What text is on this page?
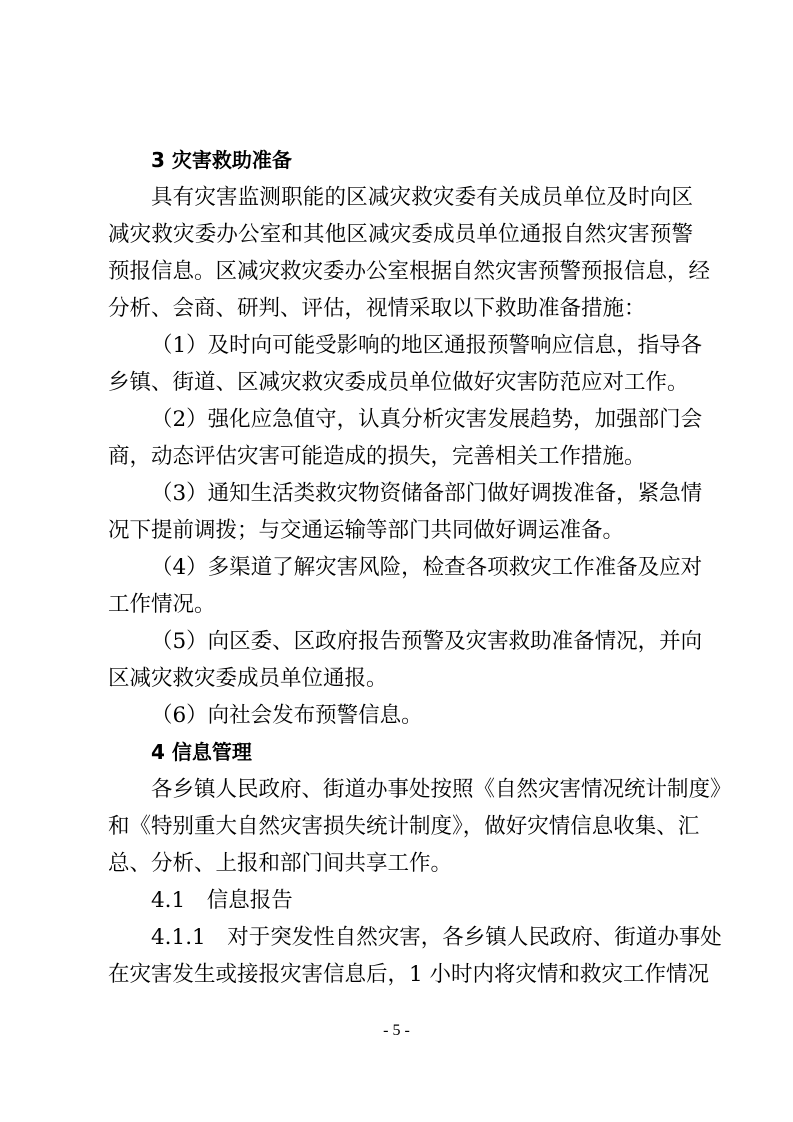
3 灾害救助准备
具有灾害监测职能的区减灾救灾委有关成员单位及时向区
减灾救灾委办公室和其他区减灾委成员单位通报自然灾害预警
预报信息。区减灾救灾委办公室根据自然灾害预警预报信息，经
分析、会商、研判、评估，视情采取以下救助准备措施：
（1）及时向可能受影响的地区通报预警响应信息，指导各
乡镇、街道、区减灾救灾委成员单位做好灾害防范应对工作。
（2）强化应急值守，认真分析灾害发展趋势，加强部门会
商，动态评估灾害可能造成的损失，完善相关工作措施。
（3）通知生活类救灾物资储备部门做好调拨准备，紧急情
况下提前调拨；与交通运输等部门共同做好调运准备。
（4）多渠道了解灾害风险，检查各项救灾工作准备及应对
工作情况。
（5）向区委、区政府报告预警及灾害救助准备情况，并向
区减灾救灾委成员单位通报。
（6）向社会发布预警信息。
4 信息管理
各乡镇人民政府、街道办事处按照《自然灾害情况统计制度》
和《特别重大自然灾害损失统计制度》，做好灾情信息收集、汇
总、分析、上报和部门间共享工作。
4.1　信息报告
4.1.1　对于突发性自然灾害，各乡镇人民政府、街道办事处
在灾害发生或接报灾害信息后，1 小时内将灾情和救灾工作情况
- 5 -
